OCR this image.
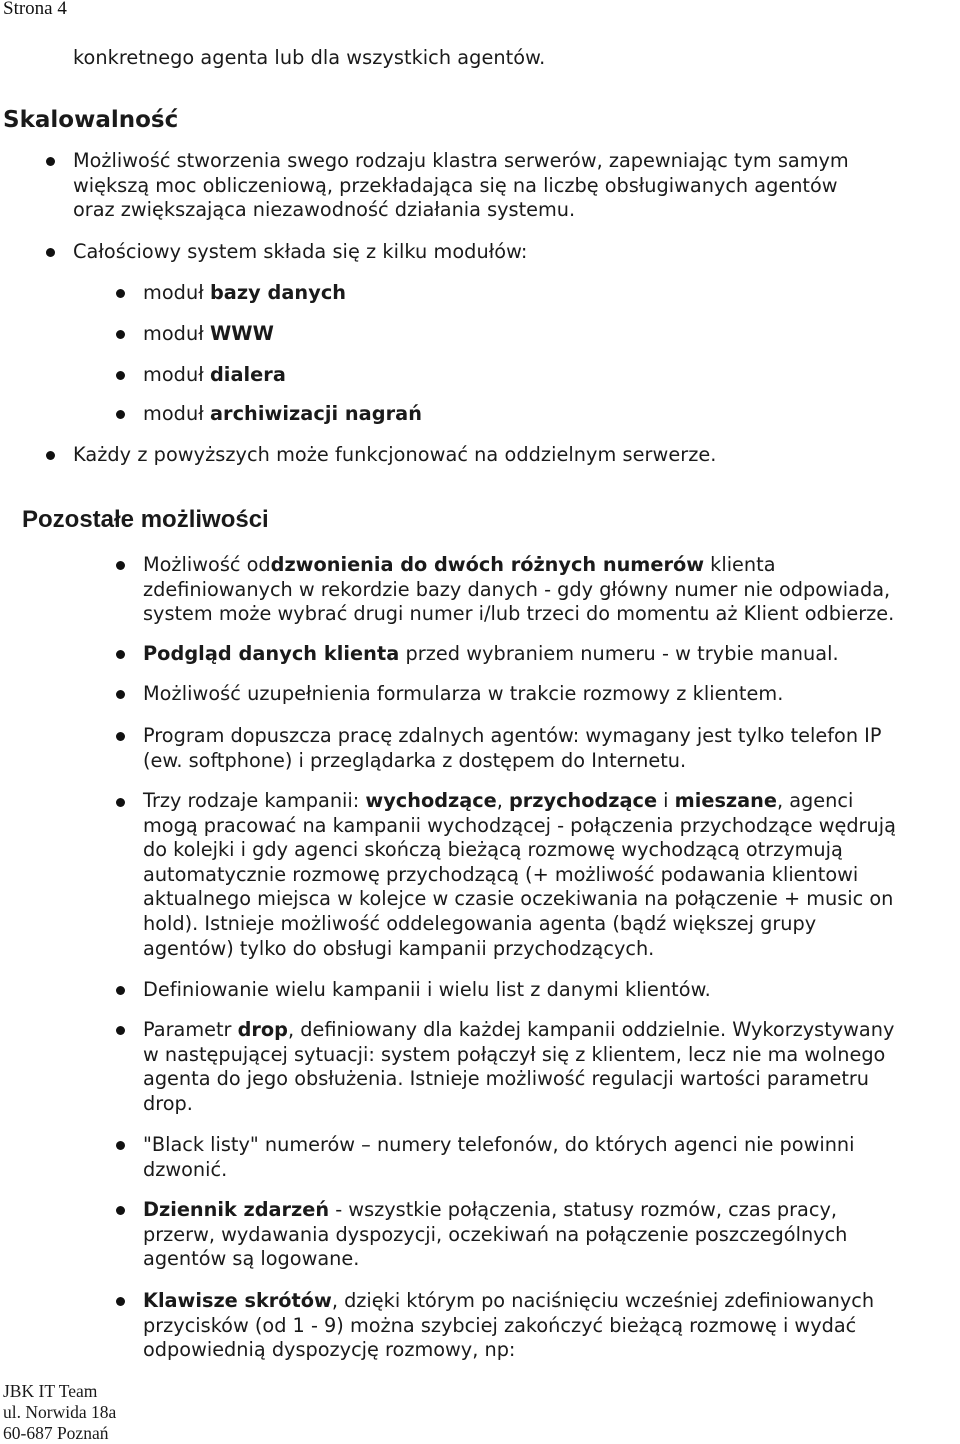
Strona 4
konkretnego agenta lub dla wszystkich agentów.
Skalowalność
Możliwość stworzenia swego rodzaju klastra serwerów, zapewniając tym samym
większą moc obliczeniową, przekładająca się na liczbę obsługiwanych agentów
oraz zwiększająca niezawodność działania systemu.
Całościowy system składa się z kilku modułów:
moduł bazy danych
moduł WWW
moduł dialera
moduł archiwizacji nagrań
Każdy z powyższych może funkcjonować na oddzielnym serwerze.
Pozostałe możliwości
Możliwość oddzwonienia do dwóch różnych numerów klienta
zdefiniowanych w rekordzie bazy danych - gdy główny numer nie odpowiada,
system może wybrać drugi numer i/lub trzeci do momentu aż Klient odbierze.
Podgląd danych klienta przed wybraniem numeru - w trybie manual.
Możliwość uzupełnienia formularza w trakcie rozmowy z klientem.
Program dopuszcza pracę zdalnych agentów: wymagany jest tylko telefon IP
(ew. softphone) i przeglądarka z dostępem do Internetu.
Trzy rodzaje kampanii: wychodzące, przychodzące i mieszane, agenci
mogą pracować na kampanii wychodzącej - połączenia przychodzące wędrują
do kolejki i gdy agenci skończą bieżącą rozmowę wychodzącą otrzymują
automatycznie rozmowę przychodzącą (+ możliwość podawania klientowi
aktualnego miejsca w kolejce w czasie oczekiwania na połączenie + music on
hold). Istnieje możliwość oddelegowania agenta (bądź większej grupy
agentów) tylko do obsługi kampanii przychodzących.
Definiowanie wielu kampanii i wielu list z danymi klientów.
Parametr drop, definiowany dla każdej kampanii oddzielnie. Wykorzystywany
w następującej sytuacji: system połączył się z klientem, lecz nie ma wolnego
agenta do jego obsłużenia. Istnieje możliwość regulacji wartości parametru
drop.
"Black listy" numerów – numery telefonów, do których agenci nie powinni
dzwonić.
Dziennik zdarzeń - wszystkie połączenia, statusy rozmów, czas pracy,
przerw, wydawania dyspozycji, oczekiwań na połączenie poszczególnych
agentów są logowane.
Klawisze skrótów, dzięki którym po naciśnięciu wcześniej zdefiniowanych
przycisków (od 1 - 9) można szybciej zakończyć bieżącą rozmowę i wydać
odpowiednią dyspozycję rozmowy, np:
JBK IT Team
ul. Norwida 18a
60-687 Poznań
